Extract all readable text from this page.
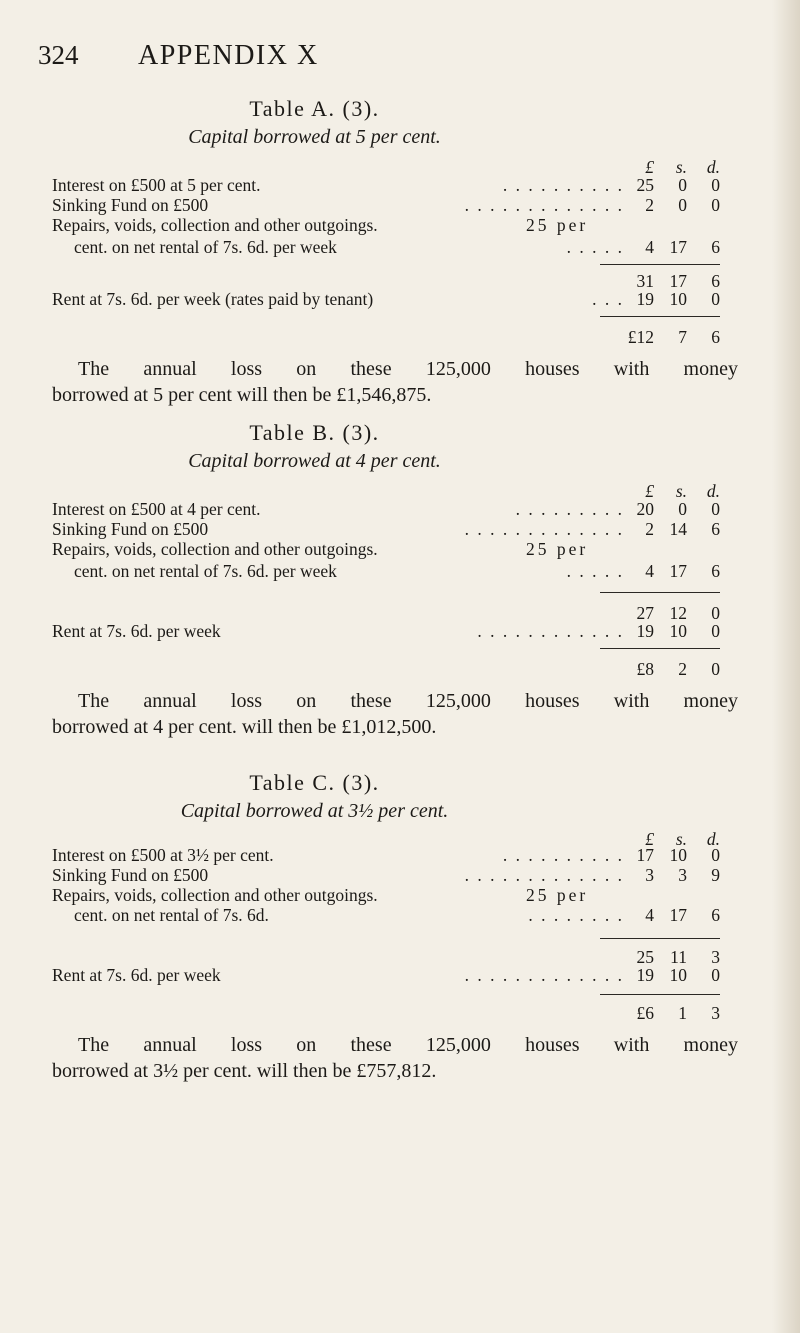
324 APPENDIX X
Table A. (3).
Capital borrowed at 5 per cent.
£	s.	d.
Interest on £500 at 5 per cent.	. . . . . . . . . . 25	0	0
Sinking Fund on £500	. . . . . . . . . . . . .	2	0	0
Repairs, voids, collection and other outgoings.	25 per
cent. on net rental of 7s. 6d. per week	. . . . .	4 17	6
31 17	6
Rent at 7s. 6d. per week (rates paid by tenant)	. . . 19 10	0
£12	7	6
The annual loss on these 125,000 houses with money
borrowed at 5 per cent will then be £1,546,875.
Table B. (3).
Capital borrowed at 4 per cent.
£	s.	d.
Interest on £500 at 4 per cent.	. . . . . . . . . 20	0	0
Sinking Fund on £500	. . . . . . . . . . . . .	2 14	6
Repairs, voids, collection and other outgoings.	25 per
cent. on net rental of 7s. 6d. per week	. . . . .	4 17	6
27 12	0
Rent at 7s. 6d. per week	. . . . . . . . . . . . 19 10	0
£8	2	0
The annual loss on these 125,000 houses with money
borrowed at 4 per cent. will then be £1,012,500.
Table C. (3).
Capital borrowed at 3½ per cent.
£	s.	d.
Interest on £500 at 3½ per cent.	. . . . . . . . . . 17 10	0
Sinking Fund on £500	. . . . . . . . . . . . .	3	3	9
Repairs, voids, collection and other outgoings.	25 per
cent. on net rental of 7s. 6d.	. . . . . . . .	4 17	6
25 11	3
Rent at 7s. 6d. per week	. . . . . . . . . . . . . 19 10	0
£6	1	3
The annual loss on these 125,000 houses with money
borrowed at 3½ per cent. will then be £757,812.
